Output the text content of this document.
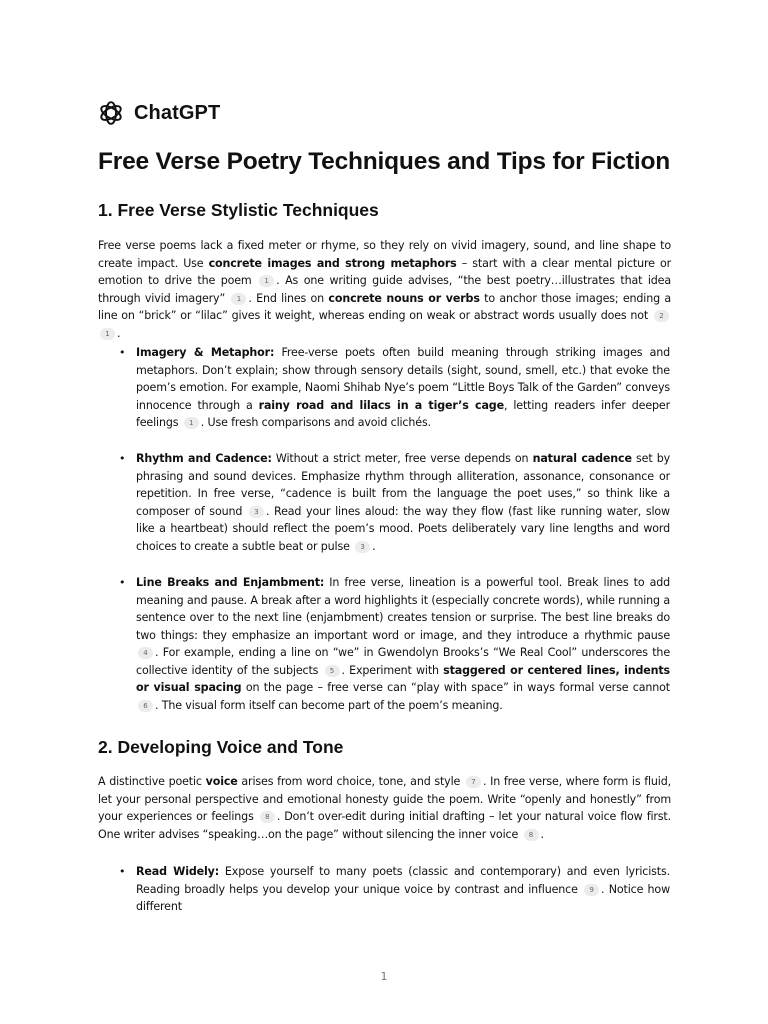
ChatGPT
Free Verse Poetry Techniques and Tips for Fiction
1. Free Verse Stylistic Techniques

Free verse poems lack a fixed meter or rhyme, so they rely on vivid imagery, sound, and line shape to create impact. Use concrete images and strong metaphors – start with a clear mental picture or emotion to drive the poem 1 . As one writing guide advises, “the best poetry…illustrates that idea through vivid imagery” 1 . End lines on concrete nouns or verbs to anchor those images; ending a line on “brick” or “lilac” gives it weight, whereas ending on weak or abstract words usually does not 21 .

• Imagery & Metaphor: Free-verse poets often build meaning through striking images and metaphors. Don’t explain; show through sensory details (sight, sound, smell, etc.) that evoke the poem’s emotion. For example, Naomi Shihab Nye’s poem “Little Boys Talk of the Garden” conveys innocence through a rainy road and lilacs in a tiger’s cage, letting readers infer deeper feelings 1 . Use fresh comparisons and avoid clichés.

• Rhythm and Cadence: Without a strict meter, free verse depends on natural cadence set by phrasing and sound devices. Emphasize rhythm through alliteration, assonance, consonance or repetition. In free verse, “cadence is built from the language the poet uses,” so think like a composer of sound 3 . Read your lines aloud: the way they flow (fast like running water, slow like a heartbeat) should reflect the poem’s mood. Poets deliberately vary line lengths and word choices to create a subtle beat or pulse 3 .

• Line Breaks and Enjambment: In free verse, lineation is a powerful tool. Break lines to add meaning and pause. A break after a word highlights it (especially concrete words), while running a sentence over to the next line (enjambment) creates tension or surprise. The best line breaks do two things: they emphasize an important word or image, and they introduce a rhythmic pause 4 . For example, ending a line on “we” in Gwendolyn Brooks’s “We Real Cool” underscores the collective identity of the subjects 5 . Experiment with staggered or centered lines, indents or visual spacing on the page – free verse can “play with space” in ways formal verse cannot 6 . The visual form itself can become part of the poem’s meaning.

2. Developing Voice and Tone

A distinctive poetic voice arises from word choice, tone, and style 7 . In free verse, where form is fluid, let your personal perspective and emotional honesty guide the poem. Write “openly and honestly” from your experiences or feelings 8 . Don’t over-edit during initial drafting – let your natural voice flow first. One writer advises “speaking…on the page” without silencing the inner voice 8 .

• Read Widely: Expose yourself to many poets (classic and contemporary) and even lyricists. Reading broadly helps you develop your unique voice by contrast and influence 9 . Notice how different

1
